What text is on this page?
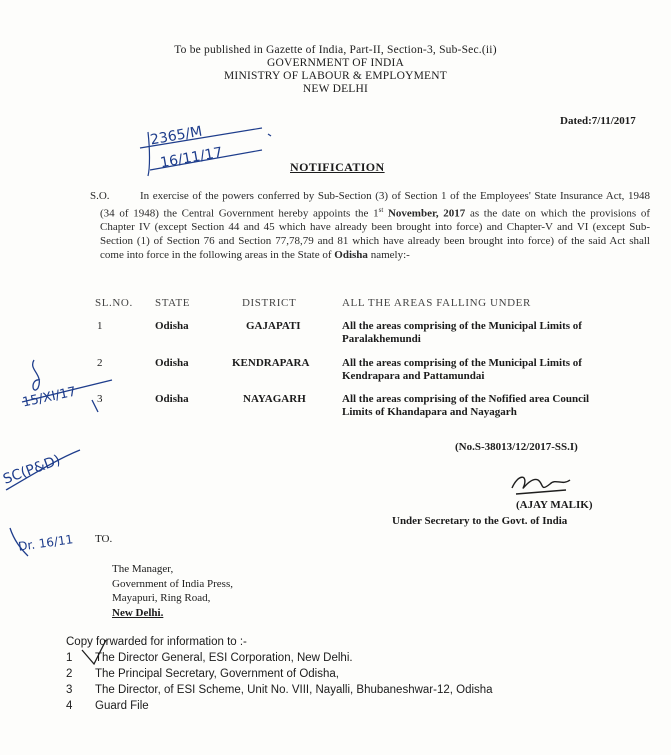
To be published in Gazette of India, Part-II, Section-3, Sub-Sec.(ii)
GOVERNMENT OF INDIA
MINISTRY OF LABOUR & EMPLOYMENT
NEW DELHI
Dated:7/11/2017
2365/M
16/11/17
15/XI/17
SC(P&D)
Dr. 16/11
NOTIFICATION
S.O.	In exercise of the powers conferred by Sub-Section (3) of Section 1 of the Employees' State Insurance Act, 1948 (34 of 1948) the Central Government hereby appoints the 1st November, 2017 as the date on which the provisions of Chapter IV (except Section 44 and 45 which have already been brought into force) and Chapter-V and VI (except Sub-Section (1) of Section 76 and Section 77,78,79 and 81 which have already been brought into force) of the said Act shall come into force in the following areas in the State of Odisha namely:-
SL.NO. STATE	DISTRICT	ALL THE AREAS FALLING UNDER
1	Odisha	GAJAPATI	All the areas comprising of the Municipal Limits of Paralakhemundi
2	Odisha	KENDRAPARA	All the areas comprising of the Municipal Limits of Kendrapara and Pattamundai
3	Odisha	NAYAGARH	All the areas comprising of the Nofified area Council Limits of Khandapara and Nayagarh
(No.S-38013/12/2017-SS.I)
(AJAY MALIK)
Under Secretary to the Govt. of India
TO.
The Manager,
Government of India Press,
Mayapuri, Ring Road,
New Delhi.
Copy forwarded for information to :-
1 The Director General, ESI Corporation, New Delhi.
2 The Principal Secretary, Government of Odisha,
3 The Director, of ESI Scheme, Unit No. VIII, Nayalli, Bhubaneshwar-12, Odisha
4 Guard File
